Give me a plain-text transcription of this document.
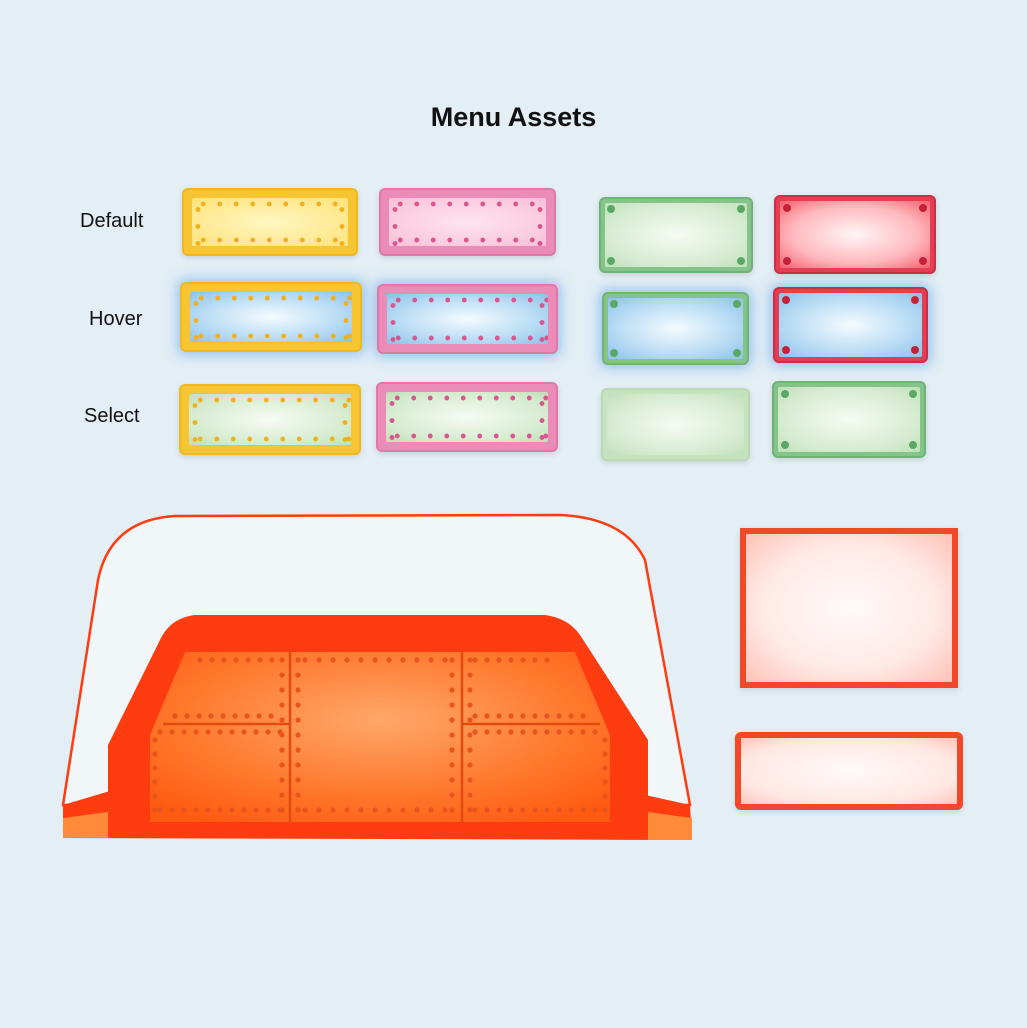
Menu Assets
Default
Hover
Select
